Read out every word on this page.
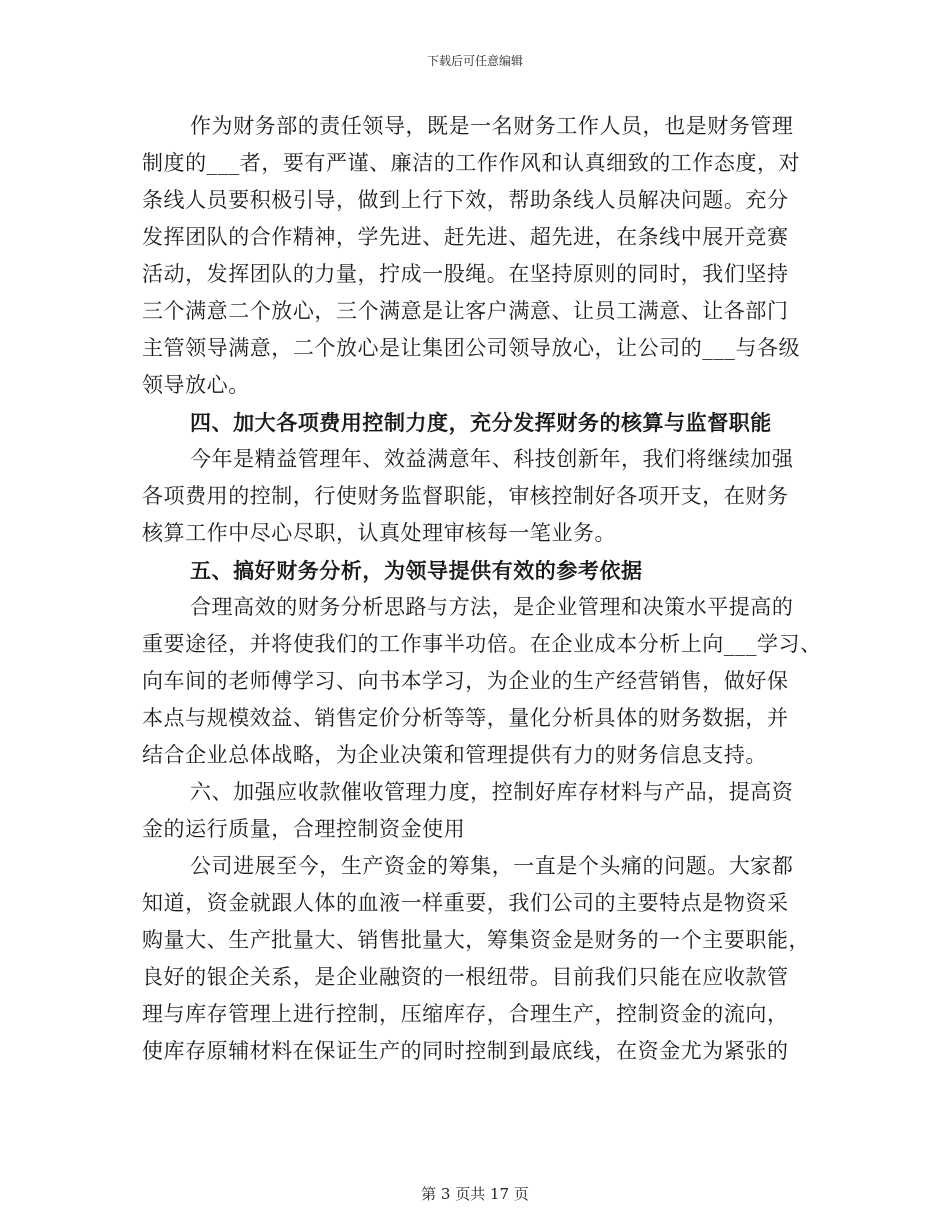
下载后可任意编辑
作为财务部的责任领导，既是一名财务工作人员，也是财务管理
制度的___者，要有严谨、廉洁的工作作风和认真细致的工作态度，对
条线人员要积极引导，做到上行下效，帮助条线人员解决问题。充分
发挥团队的合作精神，学先进、赶先进、超先进，在条线中展开竞赛
活动，发挥团队的力量，拧成一股绳。在坚持原则的同时，我们坚持
三个满意二个放心，三个满意是让客户满意、让员工满意、让各部门
主管领导满意，二个放心是让集团公司领导放心，让公司的___与各级
领导放心。
四、加大各项费用控制力度，充分发挥财务的核算与监督职能
今年是精益管理年、效益满意年、科技创新年，我们将继续加强
各项费用的控制，行使财务监督职能，审核控制好各项开支，在财务
核算工作中尽心尽职，认真处理审核每一笔业务。
五、搞好财务分析，为领导提供有效的参考依据
合理高效的财务分析思路与方法，是企业管理和决策水平提高的
重要途径，并将使我们的工作事半功倍。在企业成本分析上向___学习、
向车间的老师傅学习、向书本学习，为企业的生产经营销售，做好保
本点与规模效益、销售定价分析等等，量化分析具体的财务数据，并
结合企业总体战略，为企业决策和管理提供有力的财务信息支持。
六、加强应收款催收管理力度，控制好库存材料与产品，提高资
金的运行质量，合理控制资金使用
公司进展至今，生产资金的筹集，一直是个头痛的问题。大家都
知道，资金就跟人体的血液一样重要，我们公司的主要特点是物资采
购量大、生产批量大、销售批量大，筹集资金是财务的一个主要职能，
良好的银企关系，是企业融资的一根纽带。目前我们只能在应收款管
理与库存管理上进行控制，压缩库存，合理生产，控制资金的流向，
使库存原辅材料在保证生产的同时控制到最底线，在资金尤为紧张的
第 3 页共 17 页
